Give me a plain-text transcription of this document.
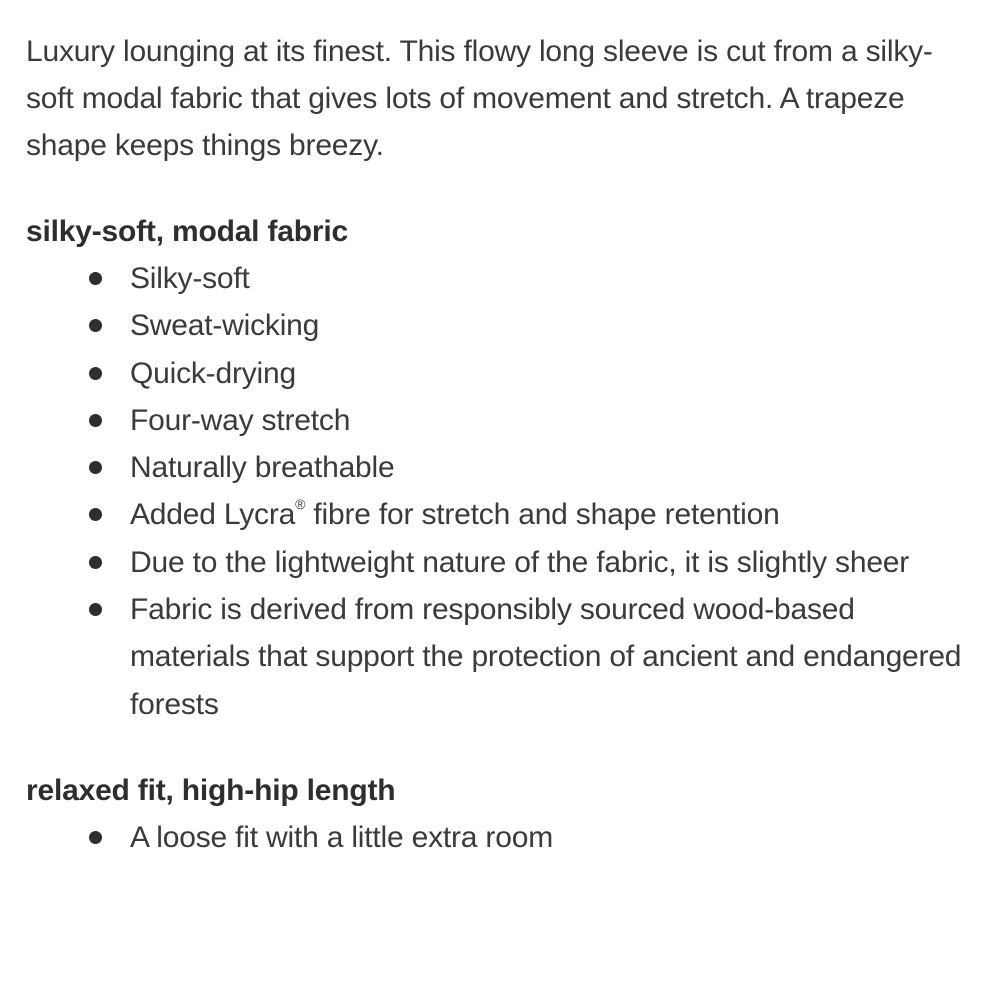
Luxury lounging at its finest. This flowy long sleeve is cut from a silky-soft modal fabric that gives lots of movement and stretch. A trapeze shape keeps things breezy.

silky-soft, modal fabric
Silky-soft
Sweat-wicking
Quick-drying
Four-way stretch
Naturally breathable
Added Lycra® fibre for stretch and shape retention
Due to the lightweight nature of the fabric, it is slightly sheer
Fabric is derived from responsibly sourced wood-based materials that support the protection of ancient and endangered forests
relaxed fit, high-hip length
A loose fit with a little extra room
